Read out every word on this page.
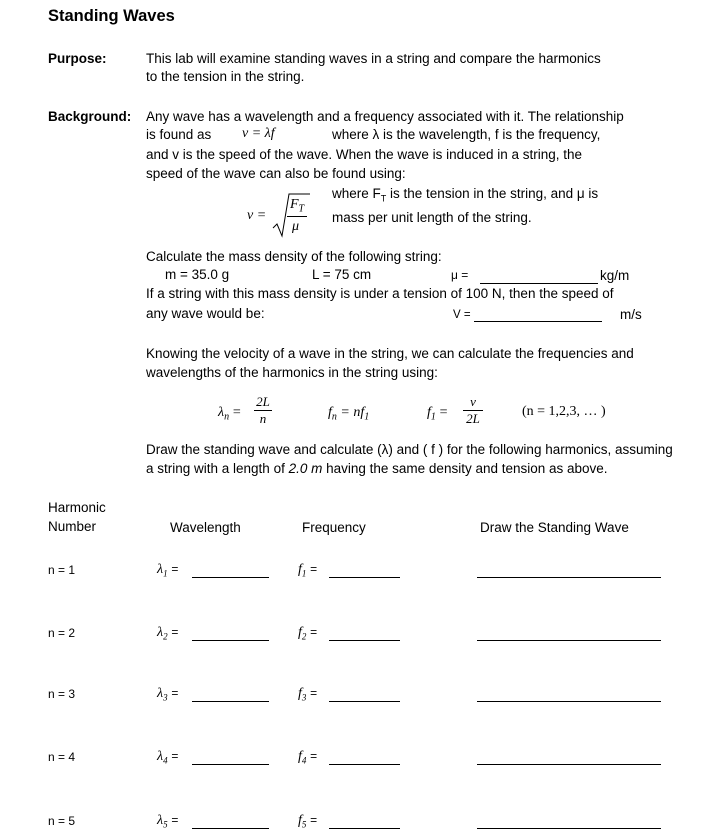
Standing Waves
Purpose:	This lab will examine standing waves in a string and compare the harmonics
to the tension in the string.
Background: Any wave has a wavelength and a frequency associated with it. The relationship
is found as v = λf	where λ is the wavelength, f is the frequency,
and v is the speed of the wave. When the wave is induced in a string, the
speed of the wave can also be found using:
v =
$F_T$
μ
where $F_T$ is the tension in the string, and μ is
mass per unit length of the string.
Calculate the mass density of the following string:
m = 35.0 g	L = 75 cm	μ =	kg/m
If a string with this mass density is under a tension of 100 N, then the speed of
any wave would be:	V =	m/s
Knowing the velocity of a wave in the string, we can calculate the frequencies and
wavelengths of the harmonics in the string using:
$\lambda_n$ =
2L
n	$f_n = nf_1$	$f_1$ =
v
2L	(n = 1,2,3, … )
Draw the standing wave and calculate (λ) and ( f ) for the following harmonics, assuming
a string with a length of 2.0 m having the same density and tension as above.
Harmonic
Number	Wavelength	Frequency	Draw the Standing Wave
n = 1	$\lambda_1$ =	$f_1$ =
n = 2	$\lambda_2$ =	$f_2$ =
n = 3	$\lambda_3$ =	$f_3$ =
n = 4	$\lambda_4$ =	$f_4$ =
n = 5	$\lambda_5$ =	$f_5$ =
